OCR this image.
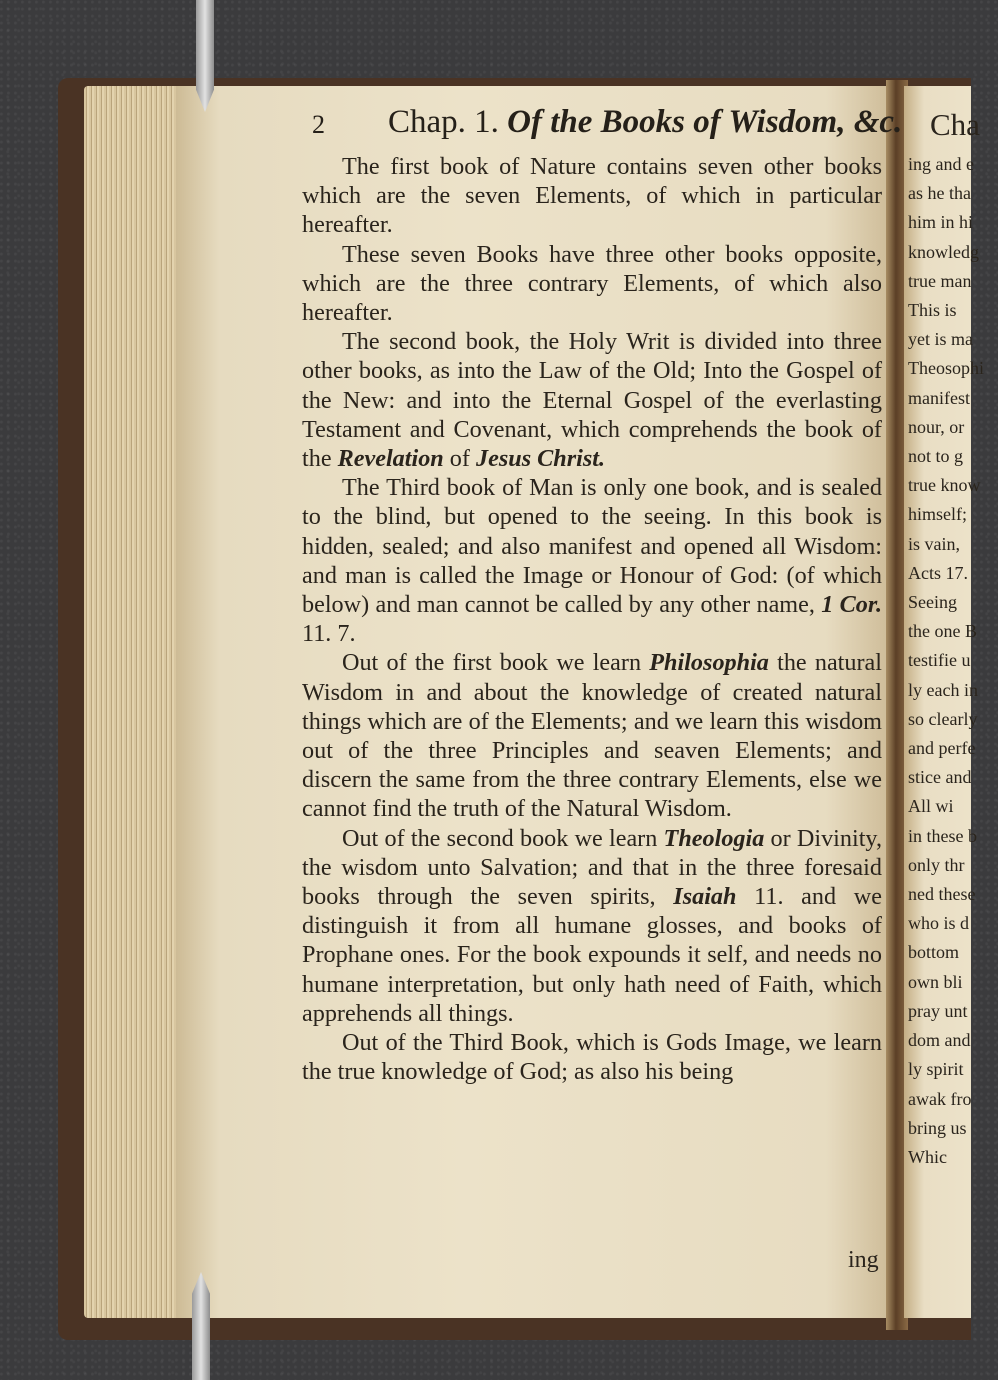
2 Chap. 1. Of the Books of Wisdom, &c.

The first book of Nature contains seven other books which are the seven Elements, of which in particular hereafter.

These seven Books have three other books opposite, which are the three contrary Elements, of which also hereafter.

The second book, the Holy Writ is divided into three other books, as into the Law of the Old; Into the Gospel of the New: and into the Eternal Gospel of the everlasting Testament and Covenant, which comprehends the book of the Revelation of Jesus Christ.

The Third book of Man is only one book, and is sealed to the blind, but opened to the seeing. In this book is hidden, sealed; and also manifest and opened all Wisdom: and man is called the Image or Honour of God: (of which below) and man cannot be called by any other name, 1 Cor. 11. 7.

Out of the first book we learn Philosophia the natural Wisdom in and about the knowledge of created natural things which are of the Elements; and we learn this wisdom out of the three Principles and seaven Elements; and discern the same from the three contrary Elements, else we cannot find the truth of the Natural Wisdom.

Out of the second book we learn Theologia or Divinity, the wisdom unto Salvation; and that in the three foresaid books through the seven spirits, Isaiah 11. and we distinguish it from all humane glosses, and books of Prophane ones. For the book expounds it self, and needs no humane interpretation, but only hath need of Faith, which apprehends all things.

Out of the Third Book, which is Gods Image, we learn the true knowledge of God; as also his being

ing
Cha
ing and e
as he tha
him in hi
knowledg
true man
This is
yet is ma
Theosophi
manifest
nour, or
not to g
true know
himself;
is vain,
Acts 17.
Seeing
the one B
testifie u
ly each in
so clearly
and perfe
stice and
All wi
in these b
only thr
ned these
who is d
bottom
own bli
pray unt
dom and
ly spirit
awak fro
bring us
Whic
